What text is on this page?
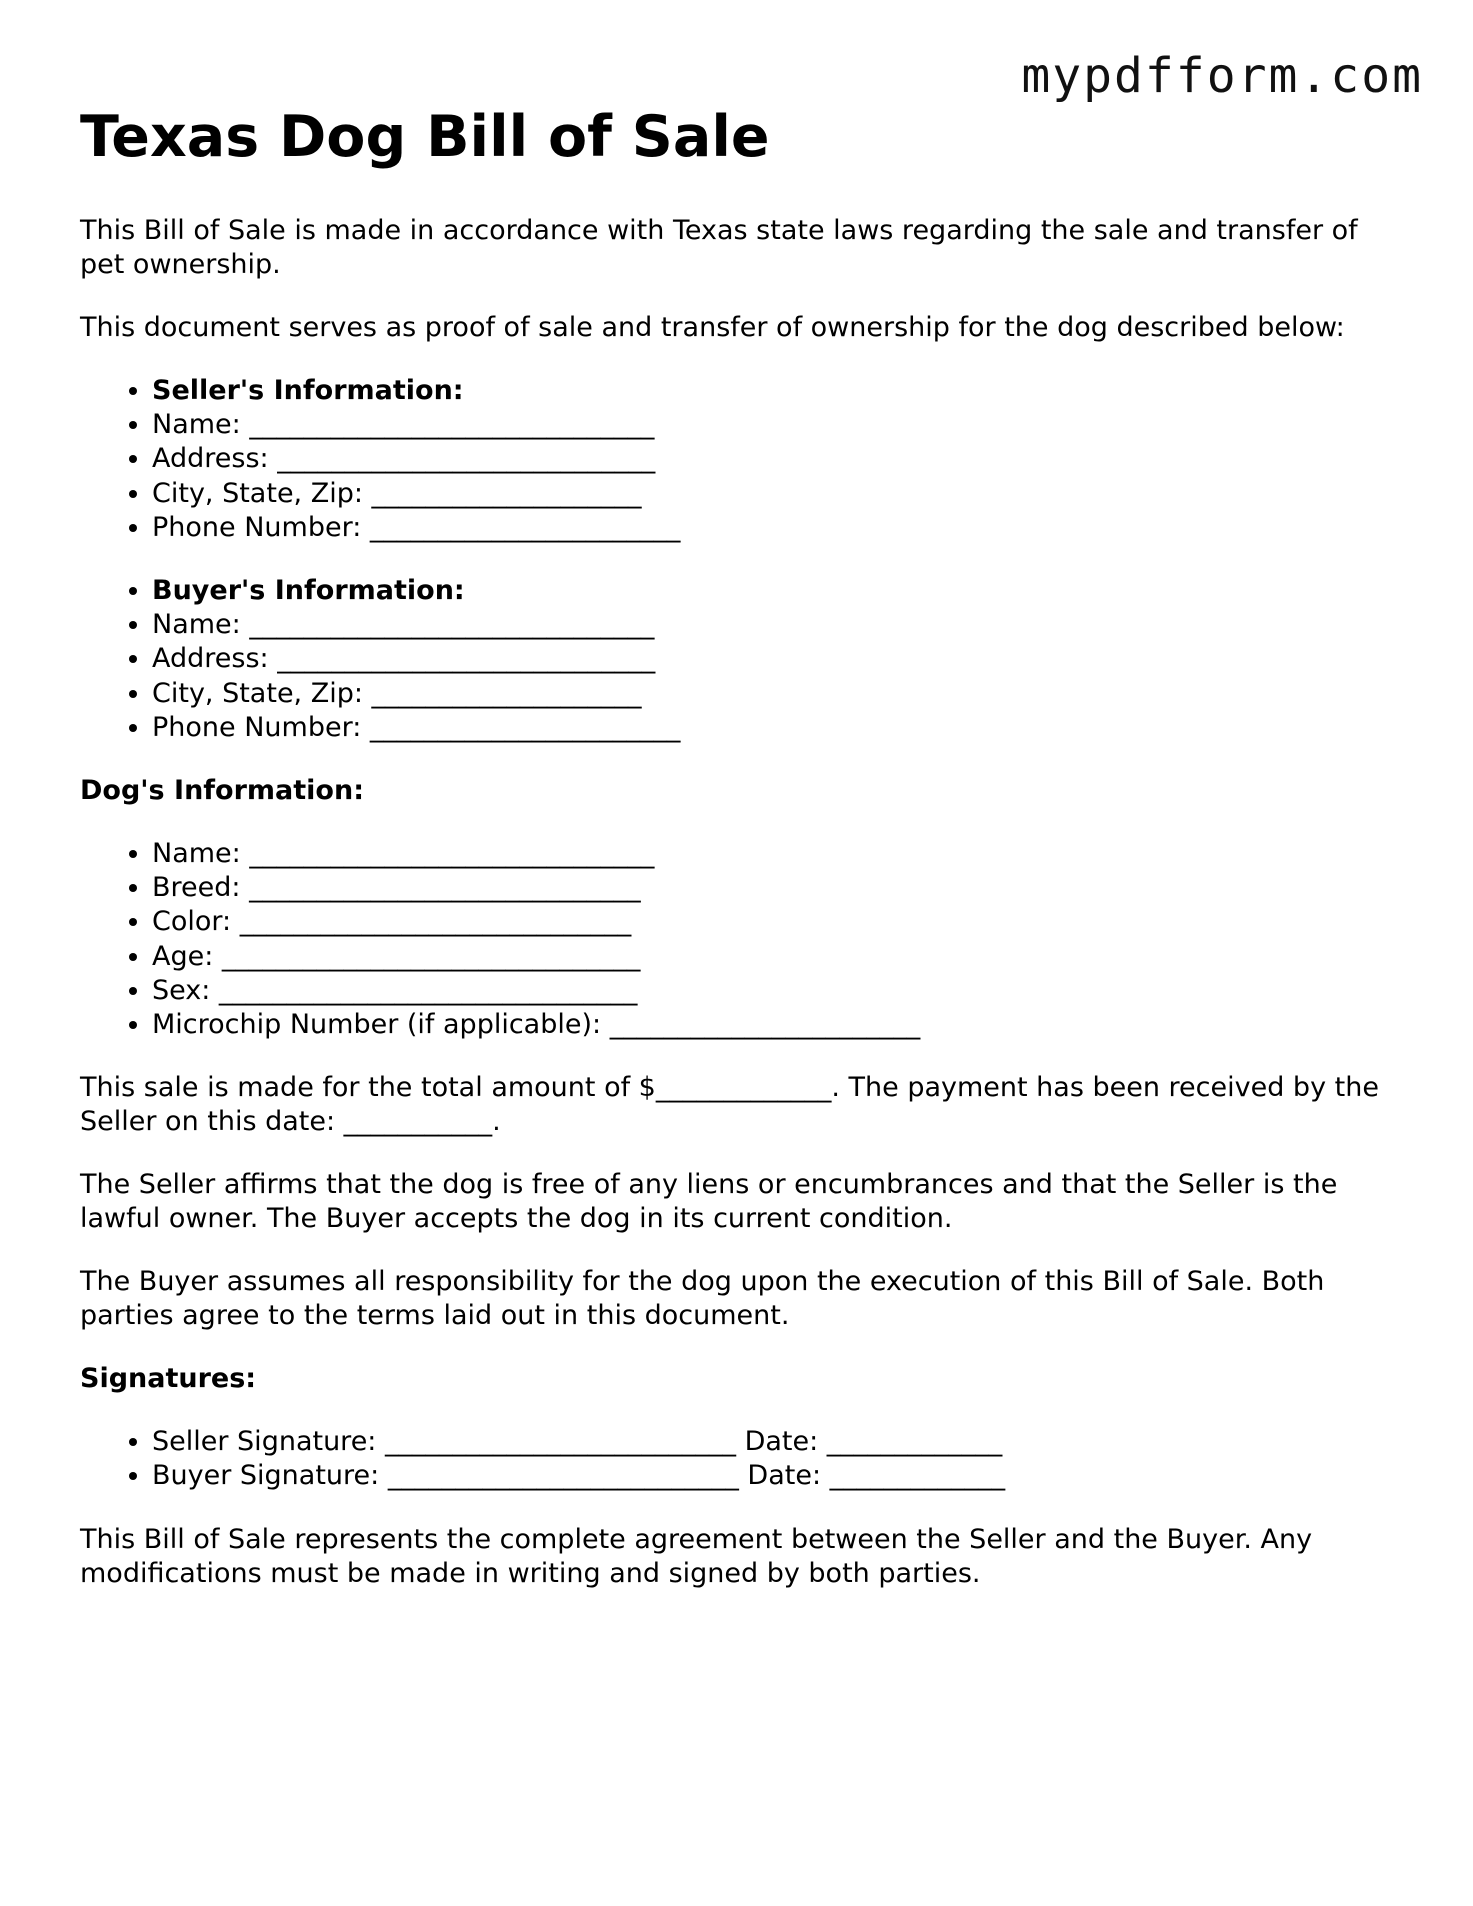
mypdfform.com
Texas Dog Bill of Sale

This Bill of Sale is made in accordance with Texas state laws regarding the sale and transfer of pet ownership.

This document serves as proof of sale and transfer of ownership for the dog described below:

• Seller's Information:
• Name: ______________________________
• Address: ____________________________
• City, State, Zip: ____________________
• Phone Number: _______________________
• Buyer's Information:
• Name: ______________________________
• Address: ____________________________
• City, State, Zip: ____________________
• Phone Number: _______________________
Dog's Information:
• Name: ______________________________
• Breed: _____________________________
• Color: _____________________________
• Age: _______________________________
• Sex: _______________________________
• Microchip Number (if applicable): _______________________

This sale is made for the total amount of $_____________. The payment has been received by the Seller on this date: ___________.

The Seller affirms that the dog is free of any liens or encumbrances and that the Seller is the lawful owner. The Buyer accepts the dog in its current condition.

The Buyer assumes all responsibility for the dog upon the execution of this Bill of Sale. Both parties agree to the terms laid out in this document.

Signatures:
• Seller Signature: __________________________ Date: _____________
• Buyer Signature: __________________________ Date: _____________

This Bill of Sale represents the complete agreement between the Seller and the Buyer. Any modifications must be made in writing and signed by both parties.
